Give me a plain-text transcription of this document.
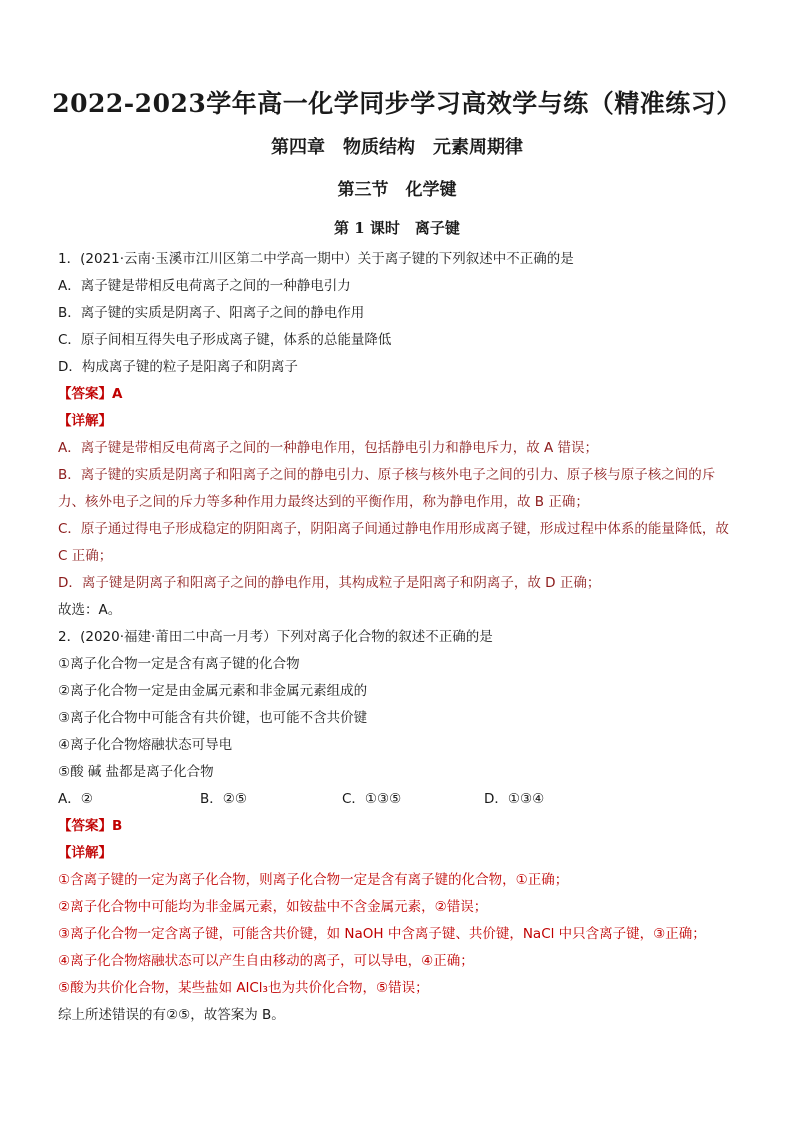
2022-2023学年高一化学同步学习高效学与练（精准练习）
第四章　物质结构　元素周期律
第三节　化学键
第 1 课时　离子键
1．(2021·云南·玉溪市江川区第二中学高一期中）关于离子键的下列叙述中不正确的是
A．离子键是带相反电荷离子之间的一种静电引力
B．离子键的实质是阴离子、阳离子之间的静电作用
C．原子间相互得失电子形成离子键，体系的总能量降低
D．构成离子键的粒子是阳离子和阴离子
【答案】A
【详解】
A．离子键是带相反电荷离子之间的一种静电作用，包括静电引力和静电斥力，故 A 错误；
B．离子键的实质是阴离子和阳离子之间的静电引力、原子核与核外电子之间的引力、原子核与原子核之间的斥力、核外电子之间的斥力等多种作用力最终达到的平衡作用，称为静电作用，故 B 正确；
C．原子通过得电子形成稳定的阴阳离子，阴阳离子间通过静电作用形成离子键，形成过程中体系的能量降低，故 C 正确；
D．离子键是阴离子和阳离子之间的静电作用，其构成粒子是阳离子和阴离子，故 D 正确；
故选：A。
2．(2020·福建·莆田二中高一月考）下列对离子化合物的叙述不正确的是
①离子化合物一定是含有离子键的化合物
②离子化合物一定是由金属元素和非金属元素组成的
③离子化合物中可能含有共价键，也可能不含共价键
④离子化合物熔融状态可导电
⑤酸 碱 盐都是离子化合物
A．②	B．②⑤	C．①③⑤	D．①③④
【答案】B
【详解】
①含离子键的一定为离子化合物，则离子化合物一定是含有离子键的化合物，①正确；
②离子化合物中可能均为非金属元素，如铵盐中不含金属元素，②错误；
③离子化合物一定含离子键，可能含共价键，如 NaOH 中含离子键、共价键，NaCl 中只含离子键，③正确；
④离子化合物熔融状态可以产生自由移动的离子，可以导电，④正确；
⑤酸为共价化合物，某些盐如 AlCl₃也为共价化合物，⑤错误；
综上所述错误的有②⑤，故答案为 B。
